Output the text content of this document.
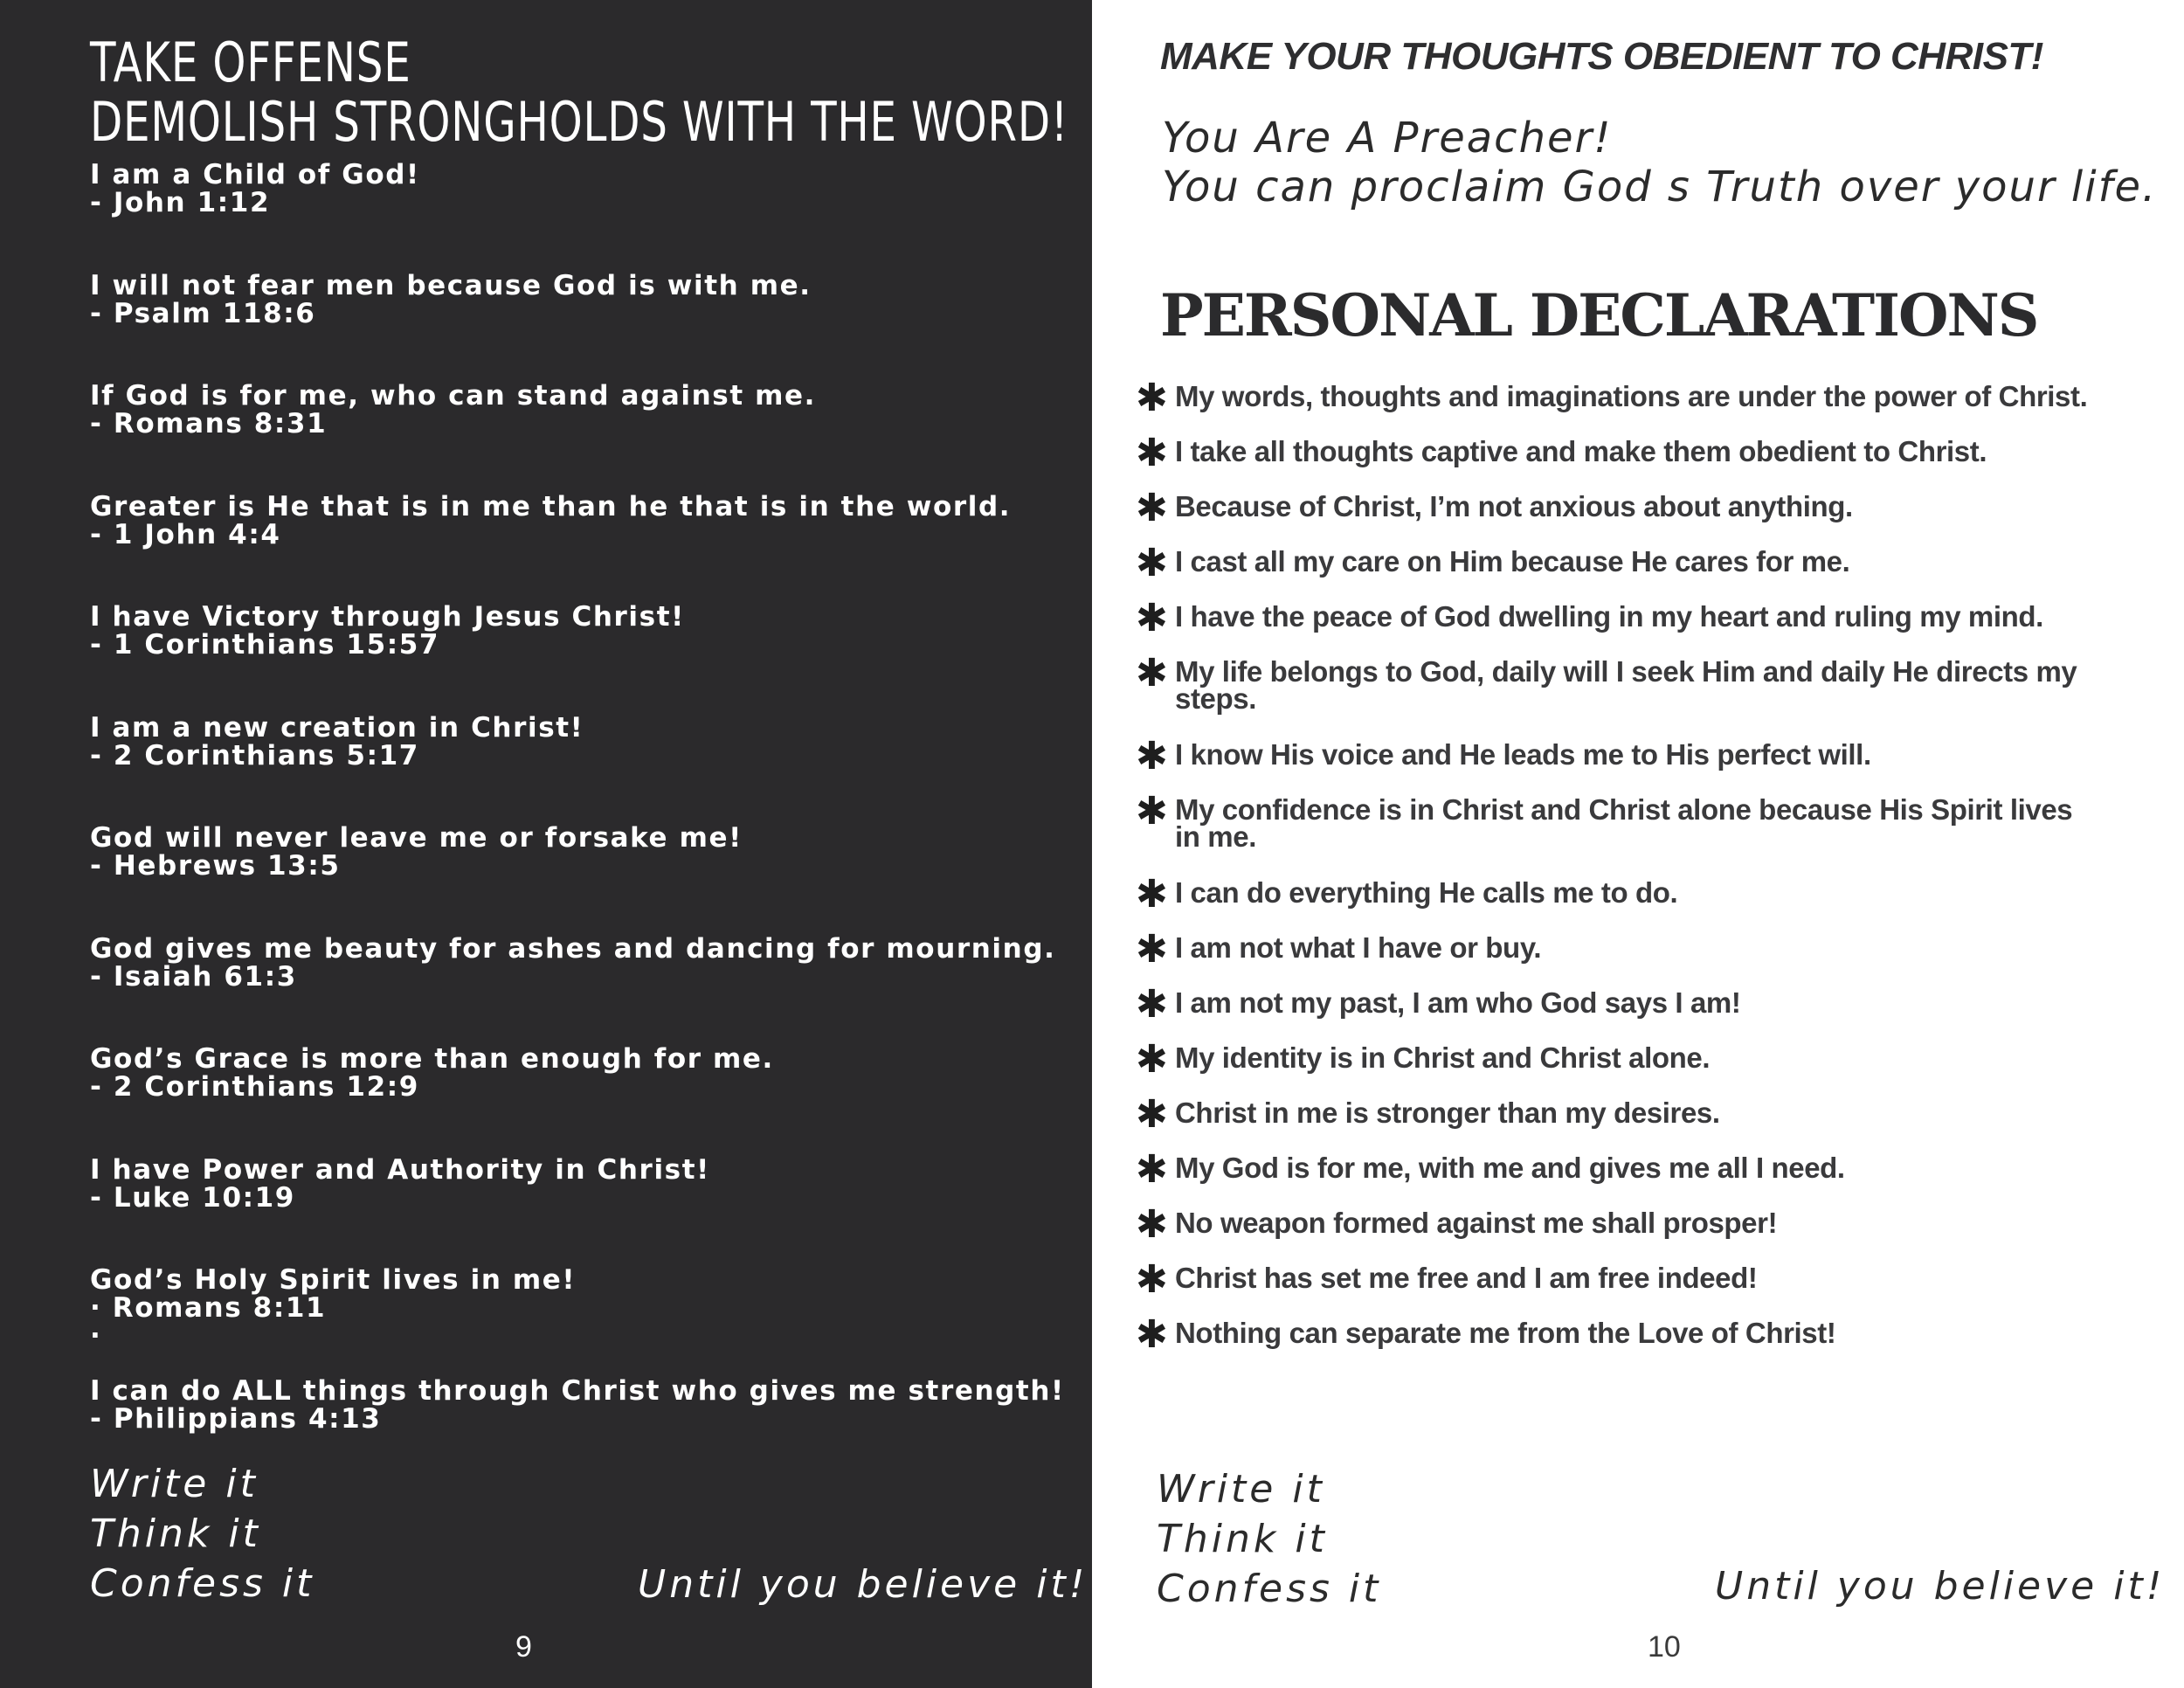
TAKE OFFENSE
DEMOLISH STRONGHOLDS WITH THE WORD!
I am a Child of God!
- John 1:12
I will not fear men because God is with me.
- Psalm 118:6
If God is for me, who can stand against me.
- Romans 8:31
Greater is He that is in me than he that is in the world.
- 1 John 4:4
I have Victory through Jesus Christ!
- 1 Corinthians 15:57
I am a new creation in Christ!
- 2 Corinthians 5:17
God will never leave me or forsake me!
- Hebrews 13:5
God gives me beauty for ashes and dancing for mourning.
- Isaiah 61:3
God’s Grace is more than enough for me.
- 2 Corinthians 12:9
I have Power and Authority in Christ!
- Luke 10:19
God’s Holy Spirit lives in me!
· Romans 8:11
·
I can do ALL things through Christ who gives me strength!
- Philippians 4:13
Write it
Think it
Confess it	Until you believe it!
9
MAKE YOUR THOUGHTS OBEDIENT TO CHRIST!
You Are A Preacher!
You can proclaim God s Truth over your life.
PERSONAL DECLARATIONS
✱ My words, thoughts and imaginations are under the power of Christ.
✱ I take all thoughts captive and make them obedient to Christ.
✱ Because of Christ, I’m not anxious about anything.
✱ I cast all my care on Him because He cares for me.
✱ I have the peace of God dwelling in my heart and ruling my mind.
✱ My life belongs to God, daily will I seek Him and daily He directs my steps.
✱ I know His voice and He leads me to His perfect will.
✱ My confidence is in Christ and Christ alone because His Spirit lives in me.
✱ I can do everything He calls me to do.
✱ I am not what I have or buy.
✱ I am not my past, I am who God says I am!
✱ My identity is in Christ and Christ alone.
✱ Christ in me is stronger than my desires.
✱ My God is for me, with me and gives me all I need.
✱ No weapon formed against me shall prosper!
✱ Christ has set me free and I am free indeed!
✱ Nothing can separate me from the Love of Christ!
Write it
Think it
Confess it	Until you believe it!
10
